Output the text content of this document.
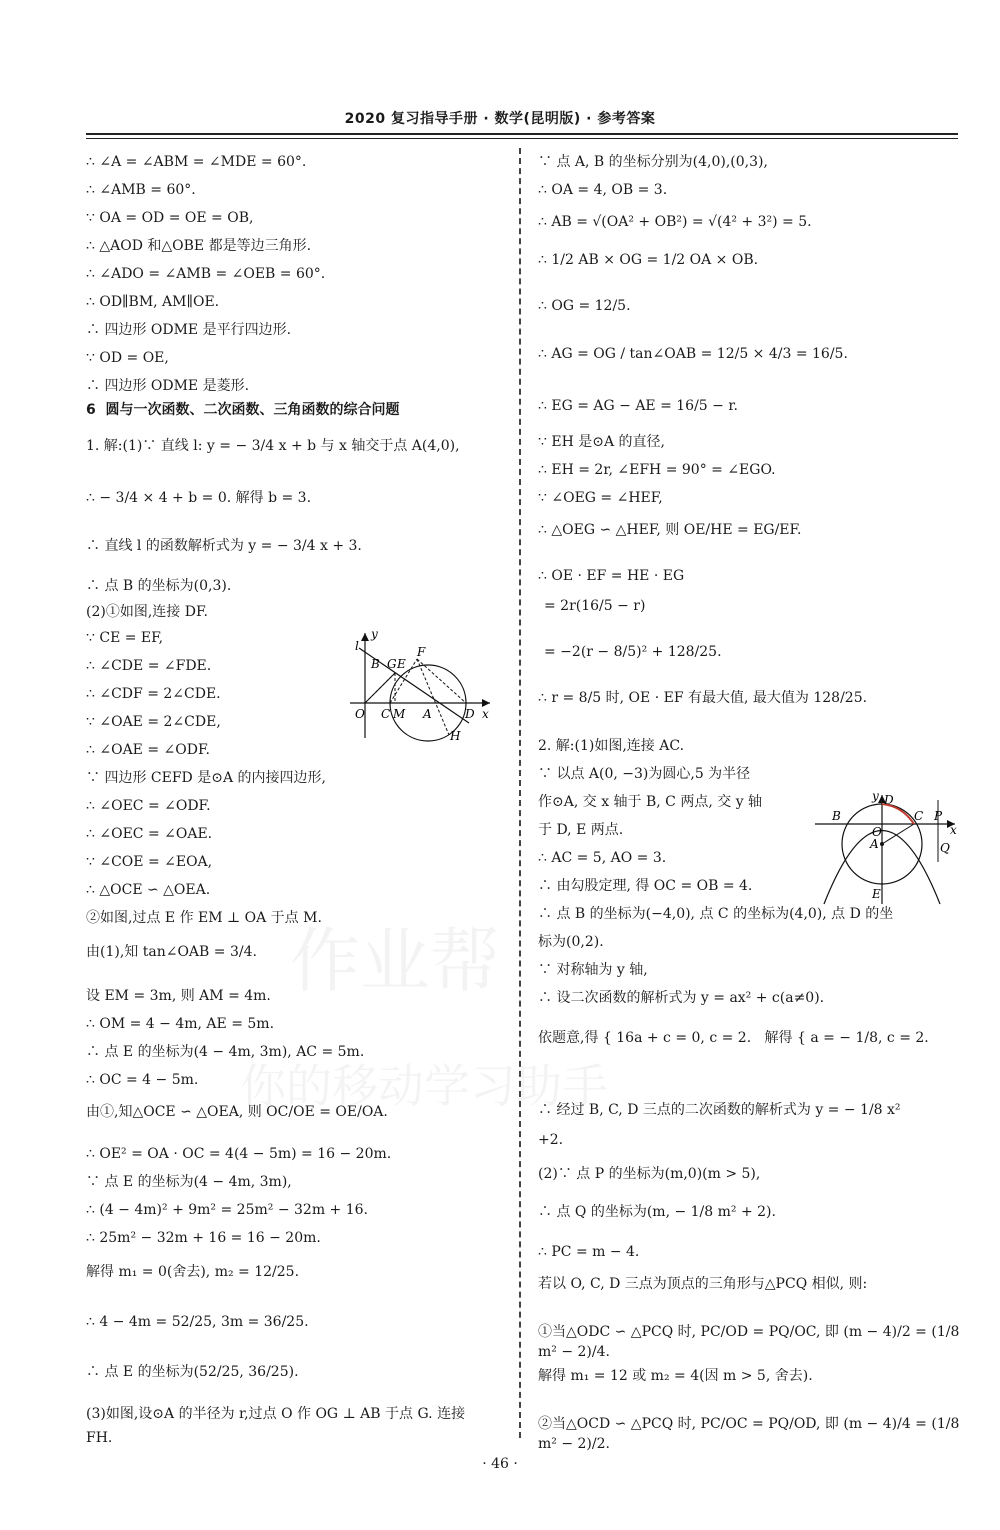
2020 复习指导手册 · 数学(昆明版) · 参考答案
作业帮
你的移动学习助手
∴ ∠A = ∠ABM = ∠MDE = 60°.
∴ ∠AMB = 60°.
∵ OA = OD = OE = OB,
∴ △AOD 和△OBE 都是等边三角形.
∴ ∠ADO = ∠AMB = ∠OEB = 60°.
∴ OD∥BM, AM∥OE.
∴ 四边形 ODME 是平行四边形.
∵ OD = OE,
∴ 四边形 ODME 是菱形.
6  圆与一次函数、二次函数、三角函数的综合问题
1. 解:(1)∵ 直线 l: y = − 3/4 x + b 与 x 轴交于点 A(4,0),
∴ − 3/4 × 4 + b = 0. 解得 b = 3.
∴ 直线 l 的函数解析式为 y = − 3/4 x + 3.
∴ 点 B 的坐标为(0,3).
(2)①如图,连接 DF.
∵ CE = EF,
∴ ∠CDE = ∠FDE.
∴ ∠CDF = 2∠CDE.
∵ ∠OAE = 2∠CDE,
∴ ∠OAE = ∠ODF.
∵ 四边形 CEFD 是⊙A 的内接四边形,
∴ ∠OEC = ∠ODF.
∴ ∠OEC = ∠OAE.
∵ ∠COE = ∠EOA,
∴ △OCE ∽ △OEA.
②如图,过点 E 作 EM ⊥ OA 于点 M.
由(1),知 tan∠OAB = 3/4.
设 EM = 3m, 则 AM = 4m.
∴ OM = 4 − 4m, AE = 5m.
∴ 点 E 的坐标为(4 − 4m, 3m), AC = 5m.
∴ OC = 4 − 5m.
由①,知△OCE ∽ △OEA, 则 OC/OE = OE/OA.
∴ OE² = OA · OC = 4(4 − 5m) = 16 − 20m.
∵ 点 E 的坐标为(4 − 4m, 3m),
∴ (4 − 4m)² + 9m² = 25m² − 32m + 16.
∴ 25m² − 32m + 16 = 16 − 20m.
解得 m₁ = 0(舍去), m₂ = 12/25.
∴ 4 − 4m = 52/25, 3m = 36/25.
∴ 点 E 的坐标为(52/25, 36/25).
(3)如图,设⊙A 的半径为 r,过点 O 作 OG ⊥ AB 于点 G. 连接
FH.
∵ 点 A, B 的坐标分别为(4,0),(0,3),
∴ OA = 4, OB = 3.
∴ AB = √(OA² + OB²) = √(4² + 3²) = 5.
∴ 1/2 AB × OG = 1/2 OA × OB.
∴ OG = 12/5.
∴ AG = OG / tan∠OAB = 12/5 × 4/3 = 16/5.
∴ EG = AG − AE = 16/5 − r.
∵ EH 是⊙A 的直径,
∴ EH = 2r, ∠EFH = 90° = ∠EGO.
∵ ∠OEG = ∠HEF,
∴ △OEG ∽ △HEF, 则 OE/HE = EG/EF.
∴ OE · EF = HE · EG
= 2r(16/5 − r)
= −2(r − 8/5)² + 128/25.
∴ r = 8/5 时, OE · EF 有最大值, 最大值为 128/25.
2. 解:(1)如图,连接 AC.
∵ 以点 A(0, −3)为圆心,5 为半径
作⊙A, 交 x 轴于 B, C 两点, 交 y 轴
于 D, E 两点.
∴ AC = 5, AO = 3.
∴ 由勾股定理, 得 OC = OB = 4.
∴ 点 B 的坐标为(−4,0), 点 C 的坐标为(4,0), 点 D 的坐
标为(0,2).
∵ 对称轴为 y 轴,
∴ 设二次函数的解析式为 y = ax² + c(a≠0).
依题意,得 { 16a + c = 0, c = 2.   解得 { a = − 1/8, c = 2.
∴ 经过 B, C, D 三点的二次函数的解析式为 y = − 1/8 x²
+2.
(2)∵ 点 P 的坐标为(m,0)(m > 5),
∴ 点 Q 的坐标为(m, − 1/8 m² + 2).
∴ PC = m − 4.
若以 O, C, D 三点为顶点的三角形与△PCQ 相似, 则:
①当△ODC ∽ △PCQ 时, PC/OD = PQ/OC, 即 (m − 4)/2 = (1/8 m² − 2)/4.
解得 m₁ = 12 或 m₂ = 4(因 m > 5, 舍去).
②当△OCD ∽ △PCQ 时, PC/OC = PQ/OD, 即 (m − 4)/4 = (1/8 m² − 2)/2.
l
y
B G E
F
O C M A	D x
H
y D
B
O
C P
x
A	Q
E
· 46 ·
